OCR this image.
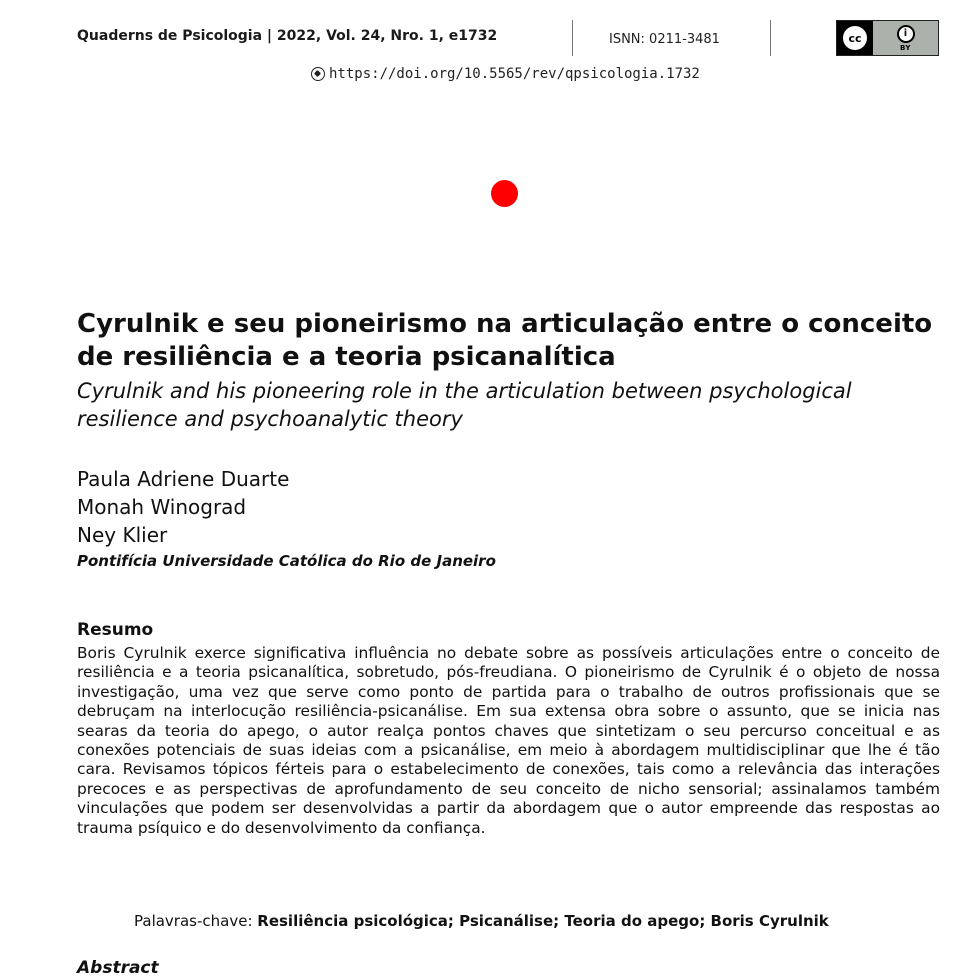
Quaderns de Psicologia | 2022, Vol. 24, Nro. 1, e1732	ISNN: 0211-3481	cc	i
BY
https://doi.org/10.5565/rev/qpsicologia.1732
Cyrulnik e seu pioneirismo na articulação entre o conceito de resiliência e a teoria psicanalítica

Cyrulnik and his pioneering role in the articulation between psychological resilience and psychoanalytic theory

Paula Adriene Duarte
Monah Winograd
Ney Klier
Pontifícia Universidade Católica do Rio de Janeiro
Resumo

Boris Cyrulnik exerce significativa influência no debate sobre as possíveis articulações entre o conceito de resiliência e a teoria psicanalítica, sobretudo, pós-freudiana. O pioneirismo de Cyrulnik é o objeto de nossa investigação, uma vez que serve como ponto de partida para o trabalho de outros profissionais que se debruçam na interlocução resiliência-psicanálise. Em sua extensa obra sobre o assunto, que se inicia nas searas da teoria do apego, o autor realça pontos chaves que sintetizam o seu percurso conceitual e as conexões potenciais de suas ideias com a psicanálise, em meio à abordagem multidisciplinar que lhe é tão cara. Revisamos tópicos férteis para o estabelecimento de conexões, tais como a relevância das interações precoces e as perspectivas de aprofundamento de seu conceito de nicho sensorial; assinalamos também vinculações que podem ser desenvolvidas a partir da abordagem que o autor empreende das respostas ao trauma psíquico e do desenvolvimento da confiança.

Palavras-chave: Resiliência psicológica; Psicanálise; Teoria do apego; Boris Cyrulnik
Abstract
